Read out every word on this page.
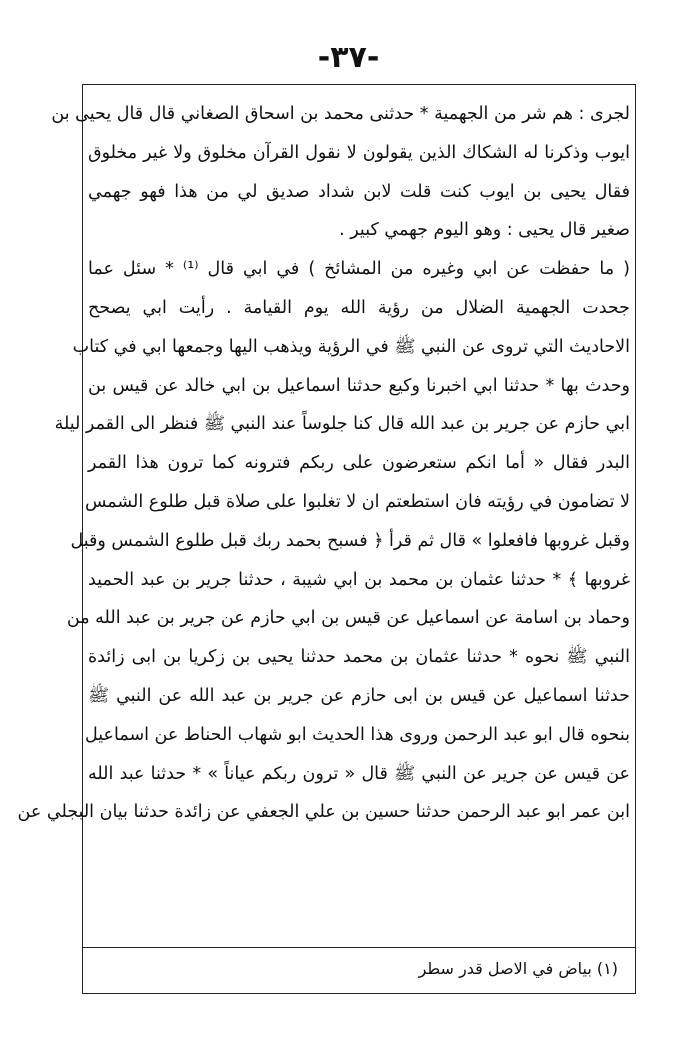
-٣٧-
لجرى : هم شر من الجهمية * حدثنى محمد بن اسحاق الصغاني قال قال يحيى بن
ايوب وذكرنا له الشكاك الذين يقولون لا نقول القرآن مخلوق ولا غير مخلوق
فقال يحيى بن ايوب كنت قلت لابن شداد صديق لي من هذا فهو جهمي
صغير قال يحيى : وهو اليوم جهمي كبير .
( ما حفظت عن ابي وغيره من المشائخ ) في ابي قال ⁽¹⁾ * سئل عما
جحدت الجهمية الضلال من رؤية الله يوم القيامة . رأيت ابي يصحح
الاحاديث التي تروى عن النبي ﷺ في الرؤية ويذهب اليها وجمعها ابي في كتاب
وحدث بها * حدثنا ابي اخبرنا وكيع حدثنا اسماعيل بن ابي خالد عن قيس بن
ابي حازم عن جرير بن عبد الله قال كنا جلوساً عند النبي ﷺ فنظر الى القمر ليلة
البدر فقال « أما انكم ستعرضون على ربكم فترونه كما ترون هذا القمر
لا تضامون في رؤيته فان استطعتم ان لا تغلبوا على صلاة قبل طلوع الشمس
وقبل غروبها فافعلوا » قال ثم قرأ ﴿ فسبح بحمد ربك قبل طلوع الشمس وقبل
غروبها ﴾ * حدثنا عثمان بن محمد بن ابي شيبة ، حدثنا جرير بن عبد الحميد
وحماد بن اسامة عن اسماعيل عن قيس بن ابي حازم عن جرير بن عبد الله من
النبي ﷺ نحوه * حدثنا عثمان بن محمد حدثنا يحيى بن زكريا بن ابى زائدة
حدثنا اسماعيل عن قيس بن ابى حازم عن جرير بن عبد الله عن النبي ﷺ
بنحوه قال ابو عبد الرحمن وروى هذا الحديث ابو شهاب الحناط عن اسماعيل
عن قيس عن جرير عن النبي ﷺ قال « ترون ربكم عياناً » * حدثنا عبد الله
ابن عمر ابو عبد الرحمن حدثنا حسين بن علي الجعفي عن زائدة حدثنا بيان البجلي عن
(١) بياض في الاصل قدر سطر
